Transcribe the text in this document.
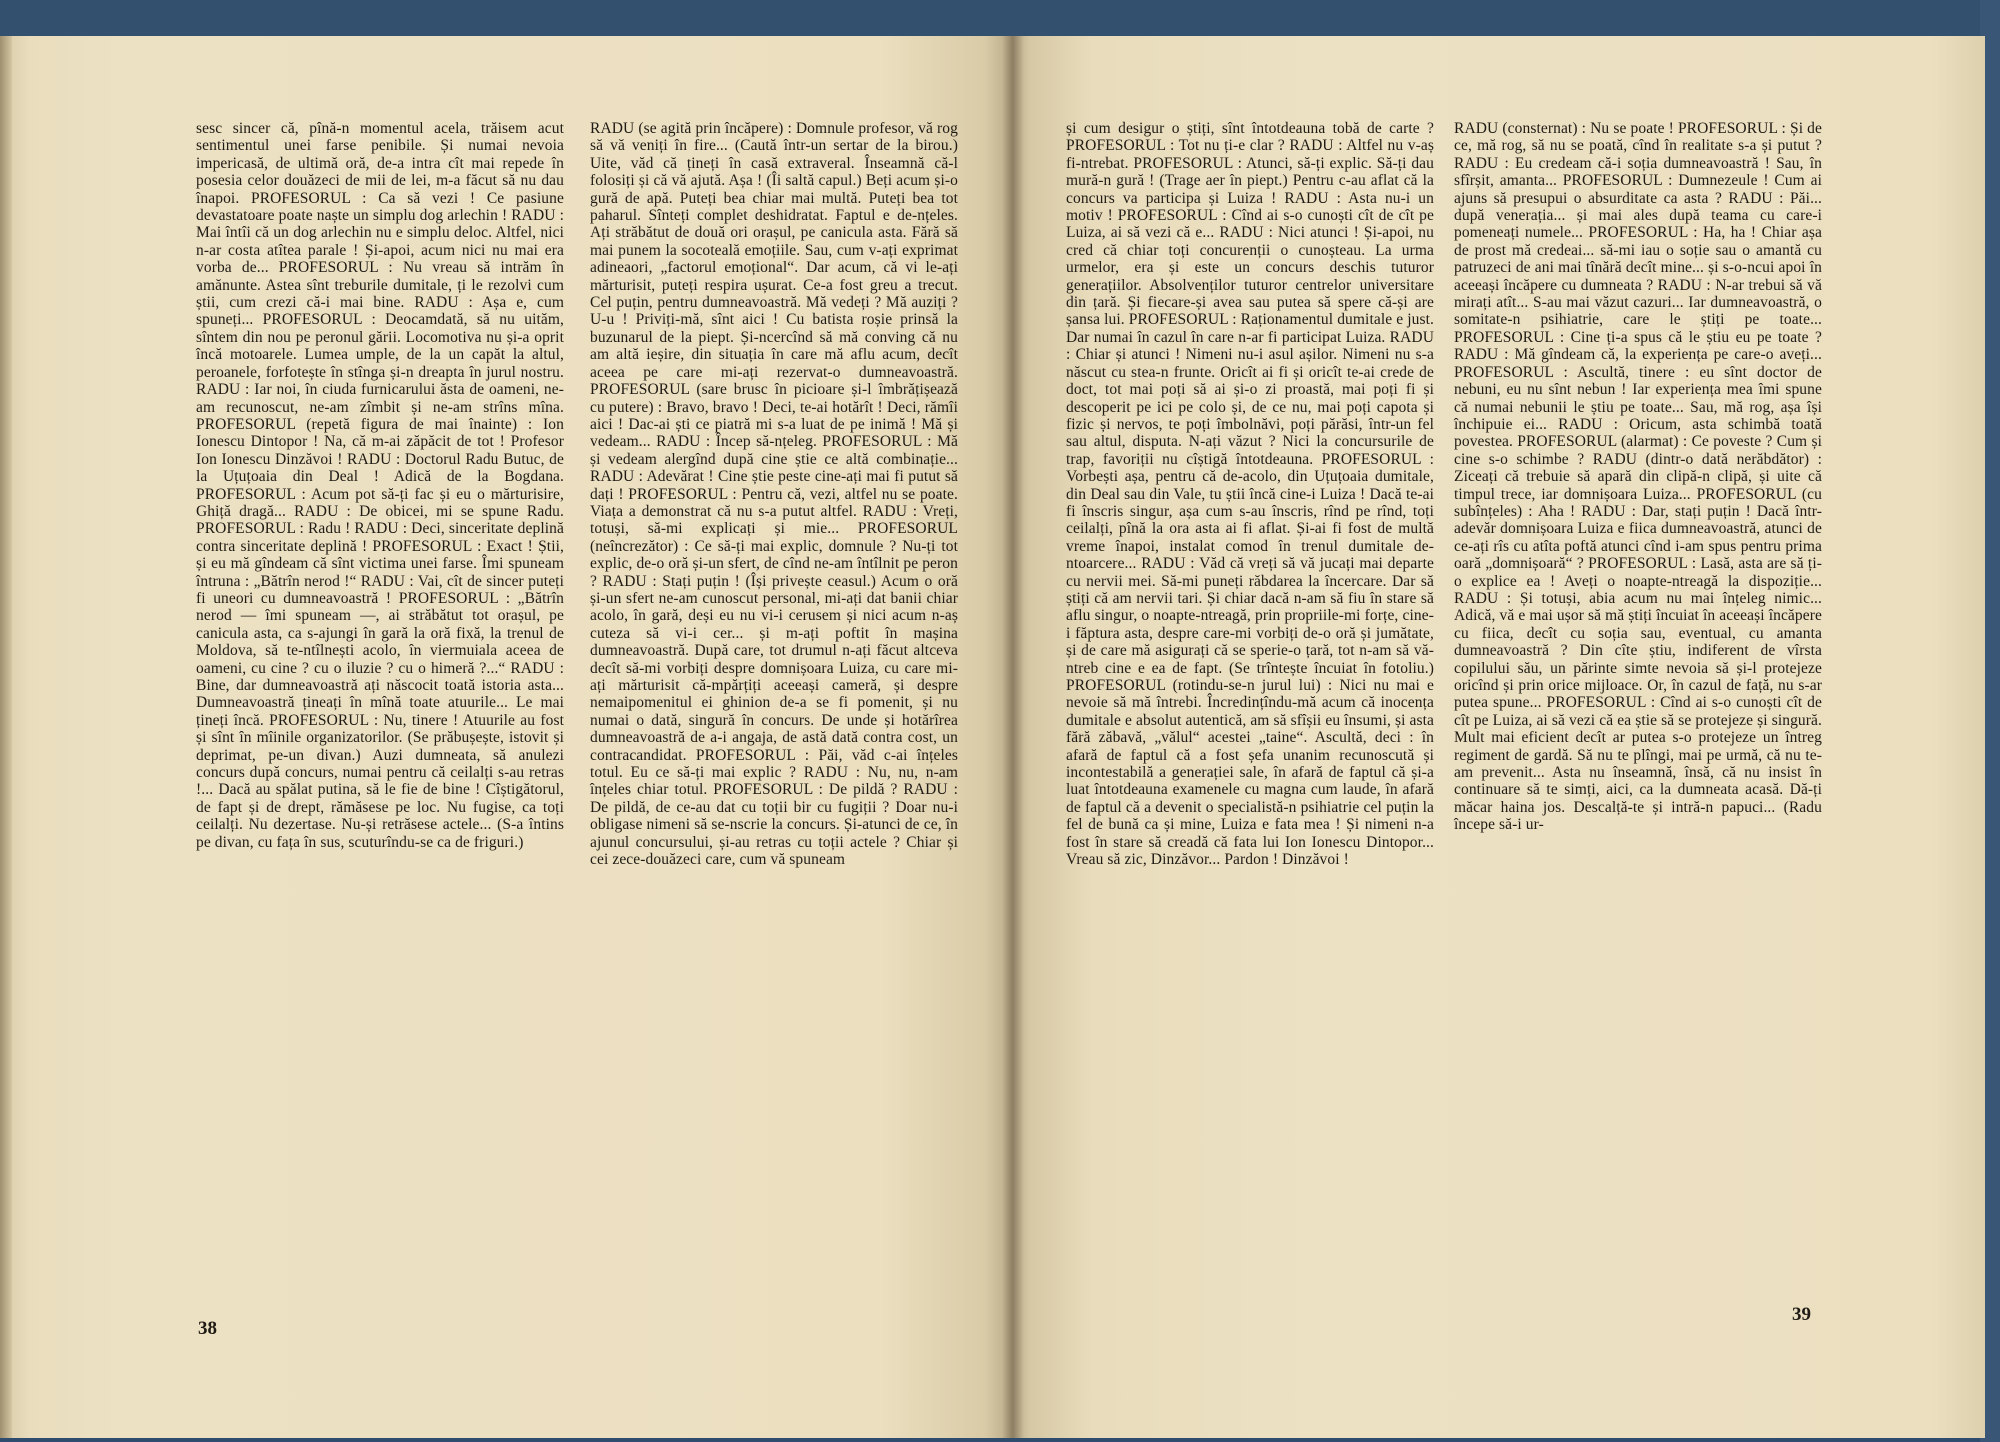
sesc sincer că, pînă-n momentul acela, trăisem acut sentimentul unei farse penibile. Și numai nevoia impericasă, de ultimă oră, de-a intra cît mai repede în posesia celor douăzeci de mii de lei, m-a făcut să nu dau înapoi. PROFESORUL : Ca să vezi ! Ce pasiune devastatoare poate naște un simplu dog arlechin ! RADU : Mai întîi că un dog arlechin nu e simplu deloc. Altfel, nici n-ar costa atîtea parale ! Și-apoi, acum nici nu mai era vorba de... PROFESORUL : Nu vreau să intrăm în amănunte. Astea sînt treburile dumitale, ți le rezolvi cum știi, cum crezi că-i mai bine. RADU : Așa e, cum spuneți... PROFESORUL : Deocamdată, să nu uităm, sîntem din nou pe peronul gării. Locomotiva nu și-a oprit încă motoarele. Lumea umple, de la un capăt la altul, peroanele, forfotește în stînga și-n dreapta în jurul nostru. RADU : Iar noi, în ciuda furnicarului ăsta de oameni, ne-am recunoscut, ne-am zîmbit și ne-am strîns mîna. PROFESORUL (repetă figura de mai înainte) : Ion Ionescu Dintopor ! Na, că m-ai zăpăcit de tot ! Profesor Ion Ionescu Dinzăvoi ! RADU : Doctorul Radu Butuc, de la Uțuțoaia din Deal ! Adică de la Bogdana. PROFESORUL : Acum pot să-ți fac și eu o mărturisire, Ghiță dragă... RADU : De obicei, mi se spune Radu. PROFESORUL : Radu ! RADU : Deci, sinceritate deplină contra sinceritate deplină ! PROFESORUL : Exact ! Știi, și eu mă gîndeam că sînt victima unei farse. Îmi spuneam întruna : „Bătrîn nerod !“ RADU : Vai, cît de sincer puteți fi uneori cu dumneavoastră ! PROFESORUL : „Bătrîn nerod — îmi spuneam —, ai străbătut tot orașul, pe canicula asta, ca s-ajungi în gară la oră fixă, la trenul de Moldova, să te-ntîlnești acolo, în viermuiala aceea de oameni, cu cine ? cu o iluzie ? cu o himeră ?...“ RADU : Bine, dar dumneavoastră ați născocit toată istoria asta... Dumneavoastră țineați în mînă toate atuurile... Le mai țineți încă. PROFESORUL : Nu, tinere ! Atuurile au fost și sînt în mîinile organizatorilor. (Se prăbușește, istovit și deprimat, pe-un divan.) Auzi dumneata, să anulezi concurs după concurs, numai pentru că ceilalți s-au retras !... Dacă au spălat putina, să le fie de bine ! Cîștigătorul, de fapt și de drept, rămăsese pe loc. Nu fugise, ca toți ceilalți. Nu dezertase. Nu-și retrăsese actele... (S-a întins pe divan, cu fața în sus, scuturîndu-se ca de friguri.)

RADU (se agită prin încăpere) : Domnule profesor, vă rog să vă veniți în fire... (Caută într-un sertar de la birou.) Uite, văd că țineți în casă extraveral. Înseamnă că-l folosiți și că vă ajută. Așa ! (Îi saltă capul.) Beți acum și-o gură de apă. Puteți bea chiar mai multă. Puteți bea tot paharul. Sînteți complet deshidratat. Faptul e de-nțeles. Ați străbătut de două ori orașul, pe canicula asta. Fără să mai punem la socoteală emoțiile. Sau, cum v-ați exprimat adineaori, „factorul emoțional“. Dar acum, că vi le-ați mărturisit, puteți respira ușurat. Ce-a fost greu a trecut. Cel puțin, pentru dumneavoastră. Mă vedeți ? Mă auziți ? U-u ! Priviți-mă, sînt aici ! Cu batista roșie prinsă la buzunarul de la piept. Și-ncercînd să mă conving că nu am altă ieșire, din situația în care mă aflu acum, decît aceea pe care mi-ați rezervat-o dumneavoastră. PROFESORUL (sare brusc în picioare și-l îmbrățișează cu putere) : Bravo, bravo ! Deci, te-ai hotărît ! Deci, rămîi aici ! Dac-ai ști ce piatră mi s-a luat de pe inimă ! Mă și vedeam... RADU : Încep să-nțeleg. PROFESORUL : Mă și vedeam alergînd după cine știe ce altă combinație... RADU : Adevărat ! Cine știe peste cine-ați mai fi putut să dați ! PROFESORUL : Pentru că, vezi, altfel nu se poate. Viața a demonstrat că nu s-a putut altfel. RADU : Vreți, totuși, să-mi explicați și mie... PROFESORUL (neîncrezător) : Ce să-ți mai explic, domnule ? Nu-ți tot explic, de-o oră și-un sfert, de cînd ne-am întîlnit pe peron ? RADU : Stați puțin ! (Își privește ceasul.) Acum o oră și-un sfert ne-am cunoscut personal, mi-ați dat banii chiar acolo, în gară, deși eu nu vi-i cerusem și nici acum n-aș cuteza să vi-i cer... și m-ați poftit în mașina dumneavoastră. După care, tot drumul n-ați făcut altceva decît să-mi vorbiți despre domnișoara Luiza, cu care mi-ați mărturisit că-mpărțiți aceeași cameră, și despre nemaipomenitul ei ghinion de-a se fi pomenit, și nu numai o dată, singură în concurs. De unde și hotărîrea dumneavoastră de a-i angaja, de astă dată contra cost, un contracandidat. PROFESORUL : Păi, văd c-ai înțeles totul. Eu ce să-ți mai explic ? RADU : Nu, nu, n-am înțeles chiar totul. PROFESORUL : De pildă ? RADU : De pildă, de ce-au dat cu toții bir cu fugiții ? Doar nu-i obligase nimeni să se-nscrie la concurs. Și-atunci de ce, în ajunul concursului, și-au retras cu toții actele ? Chiar și cei zece-douăzeci care, cum vă spuneam

38

și cum desigur o știți, sînt întotdeauna tobă de carte ? PROFESORUL : Tot nu ți-e clar ? RADU : Altfel nu v-aș fi-ntrebat. PROFESORUL : Atunci, să-ți explic. Să-ți dau mură-n gură ! (Trage aer în piept.) Pentru c-au aflat că la concurs va participa și Luiza ! RADU : Asta nu-i un motiv ! PROFESORUL : Cînd ai s-o cunoști cît de cît pe Luiza, ai să vezi că e... RADU : Nici atunci ! Și-apoi, nu cred că chiar toți concurenții o cunoșteau. La urma urmelor, era și este un concurs deschis tuturor generațiilor. Absolvenților tuturor centrelor universitare din țară. Și fiecare-și avea sau putea să spere că-și are șansa lui. PROFESORUL : Raționamentul dumitale e just. Dar numai în cazul în care n-ar fi participat Luiza. RADU : Chiar și atunci ! Nimeni nu-i asul așilor. Nimeni nu s-a născut cu stea-n frunte. Oricît ai fi și oricît te-ai crede de doct, tot mai poți să ai și-o zi proastă, mai poți fi și descoperit pe ici pe colo și, de ce nu, mai poți capota și fizic și nervos, te poți îmbolnăvi, poți părăsi, într-un fel sau altul, disputa. N-ați văzut ? Nici la concursurile de trap, favoriții nu cîștigă întotdeauna. PROFESORUL : Vorbești așa, pentru că de-acolo, din Uțuțoaia dumitale, din Deal sau din Vale, tu știi încă cine-i Luiza ! Dacă te-ai fi înscris singur, așa cum s-au înscris, rînd pe rînd, toți ceilalți, pînă la ora asta ai fi aflat. Și-ai fi fost de multă vreme înapoi, instalat comod în trenul dumitale de-ntoarcere... RADU : Văd că vreți să vă jucați mai departe cu nervii mei. Să-mi puneți răbdarea la încercare. Dar să știți că am nervii tari. Și chiar dacă n-am să fiu în stare să aflu singur, o noapte-ntreagă, prin propriile-mi forțe, cine-i făptura asta, despre care-mi vorbiți de-o oră și jumătate, și de care mă asigurați că se sperie-o țară, tot n-am să vă-ntreb cine e ea de fapt. (Se trîntește încuiat în fotoliu.) PROFESORUL (rotindu-se-n jurul lui) : Nici nu mai e nevoie să mă întrebi. Încredințîndu-mă acum că inocența dumitale e absolut autentică, am să sfîșii eu însumi, și asta fără zăbavă, „vălul“ acestei „taine“. Ascultă, deci : în afară de faptul că a fost șefa unanim recunoscută și incontestabilă a generației sale, în afară de faptul că și-a luat întotdeauna examenele cu magna cum laude, în afară de faptul că a devenit o specialistă-n psihiatrie cel puțin la fel de bună ca și mine, Luiza e fata mea ! Și nimeni n-a fost în stare să creadă că fata lui Ion Ionescu Dintopor... Vreau să zic, Dinzăvor... Pardon ! Dinzăvoi !

RADU (consternat) : Nu se poate ! PROFESORUL : Și de ce, mă rog, să nu se poată, cînd în realitate s-a și putut ? RADU : Eu credeam că-i soția dumneavoastră ! Sau, în sfîrșit, amanta... PROFESORUL : Dumnezeule ! Cum ai ajuns să presupui o absurditate ca asta ? RADU : Păi... după venerația... și mai ales după teama cu care-i pomeneați numele... PROFESORUL : Ha, ha ! Chiar așa de prost mă credeai... să-mi iau o soție sau o amantă cu patruzeci de ani mai tînără decît mine... și s-o-ncui apoi în aceeași încăpere cu dumneata ? RADU : N-ar trebui să vă mirați atît... S-au mai văzut cazuri... Iar dumneavoastră, o somitate-n psihiatrie, care le știți pe toate... PROFESORUL : Cine ți-a spus că le știu eu pe toate ? RADU : Mă gîndeam că, la experiența pe care-o aveți... PROFESORUL : Ascultă, tinere : eu sînt doctor de nebuni, eu nu sînt nebun ! Iar experiența mea îmi spune că numai nebunii le știu pe toate... Sau, mă rog, așa își închipuie ei... RADU : Oricum, asta schimbă toată povestea. PROFESORUL (alarmat) : Ce poveste ? Cum și cine s-o schimbe ? RADU (dintr-o dată nerăbdător) : Ziceați că trebuie să apară din clipă-n clipă, și uite că timpul trece, iar domnișoara Luiza... PROFESORUL (cu subînțeles) : Aha ! RADU : Dar, stați puțin ! Dacă într-adevăr domnișoara Luiza e fiica dumneavoastră, atunci de ce-ați rîs cu atîta poftă atunci cînd i-am spus pentru prima oară „domnișoară“ ? PROFESORUL : Lasă, asta are să ți-o explice ea ! Aveți o noapte-ntreagă la dispoziție... RADU : Și totuși, abia acum nu mai înțeleg nimic... Adică, vă e mai ușor să mă știți încuiat în aceeași încăpere cu fiica, decît cu soția sau, eventual, cu amanta dumneavoastră ? Din cîte știu, indiferent de vîrsta copilului său, un părinte simte nevoia să și-l protejeze oricînd și prin orice mijloace. Or, în cazul de față, nu s-ar putea spune... PROFESORUL : Cînd ai s-o cunoști cît de cît pe Luiza, ai să vezi că ea știe să se protejeze și singură. Mult mai eficient decît ar putea s-o protejeze un întreg regiment de gardă. Să nu te plîngi, mai pe urmă, că nu te-am prevenit... Asta nu înseamnă, însă, că nu insist în continuare să te simți, aici, ca la dumneata acasă. Dă-ți măcar haina jos. Descalță-te și intră-n papuci... (Radu începe să-i ur-

39
